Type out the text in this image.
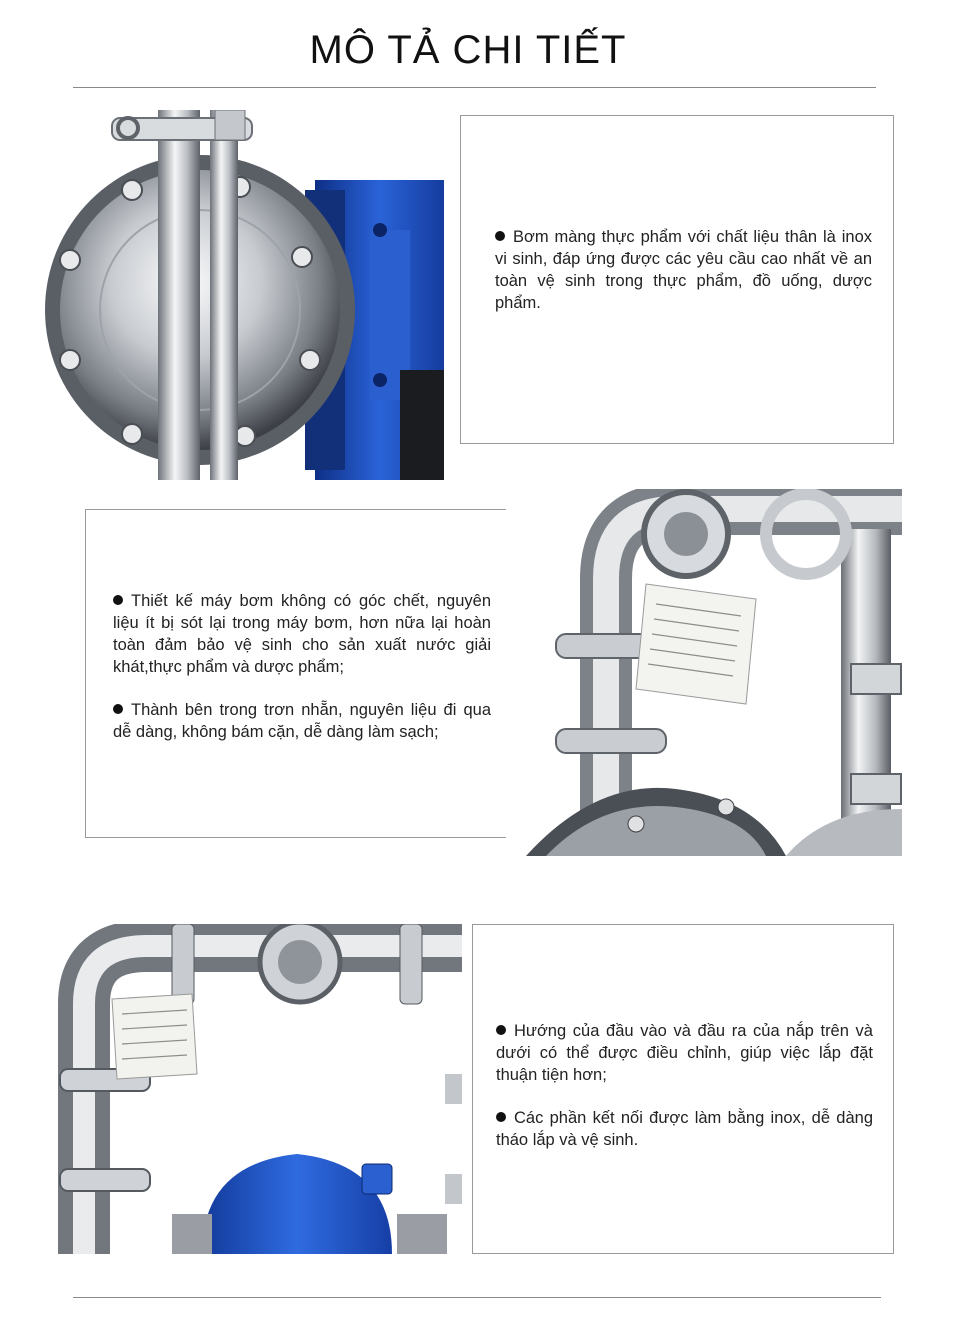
MÔ TẢ CHI TIẾT

Bơm màng thực phẩm với chất liệu thân là inox vi sinh, đáp ứng được các yêu cầu cao nhất về an toàn vệ sinh trong thực phẩm, đồ uống, dược phẩm.

Thiết kế máy bơm không có góc chết, nguyên liệu ít bị sót lại trong máy bơm, hơn nữa lại hoàn toàn đảm bảo vệ sinh cho sản xuất nước giải khát,thực phẩm và dược phẩm;

Thành bên trong trơn nhẵn, nguyên liệu đi qua dễ dàng, không bám cặn, dễ dàng làm sạch;

Hướng của đầu vào và đầu ra của nắp trên và dưới có thể được điều chỉnh, giúp việc lắp đặt thuận tiện hơn;

Các phần kết nối được làm bằng inox, dễ dàng tháo lắp và vệ sinh.
